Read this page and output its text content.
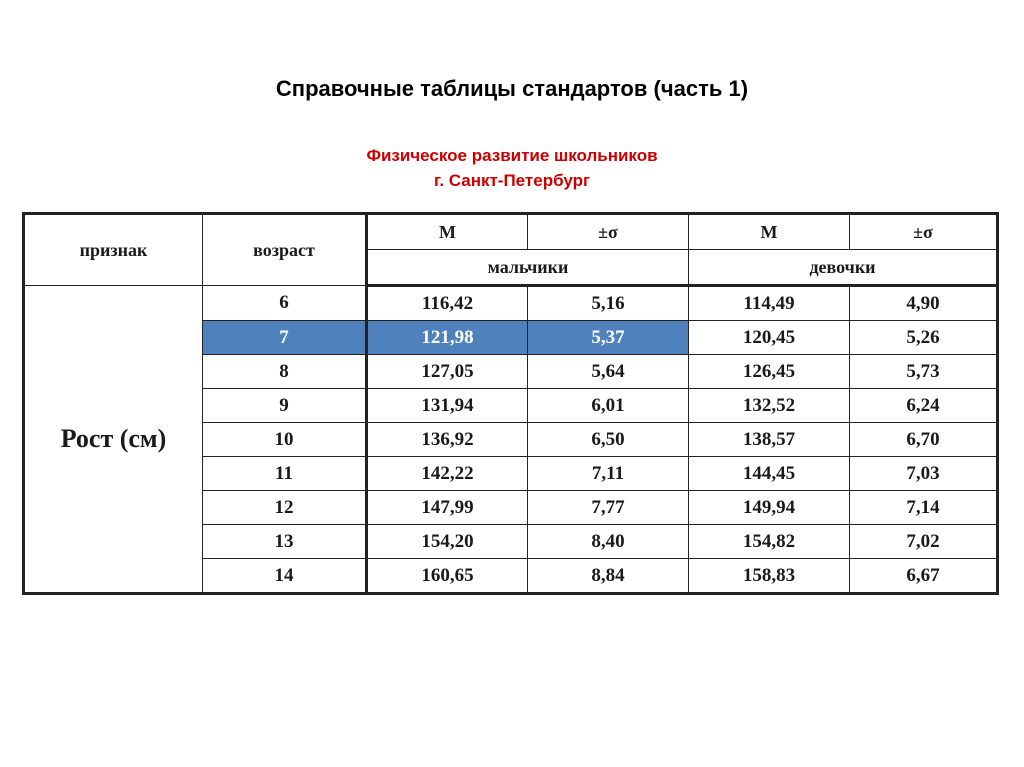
Справочные таблицы стандартов (часть 1)
Физическое развитие школьников
г. Санкт-Петербург
признак	возраст	М	±σ	М	±σ
		мальчики		девочки	
Рост (см)	6	116,42	5,16	114,49	4,90
	7	121,98	5,37	120,45	5,26
	8	127,05	5,64	126,45	5,73
	9	131,94	6,01	132,52	6,24
	10	136,92	6,50	138,57	6,70
	11	142,22	7,11	144,45	7,03
	12	147,99	7,77	149,94	7,14
	13	154,20	8,40	154,82	7,02
	14	160,65	8,84	158,83	6,67
